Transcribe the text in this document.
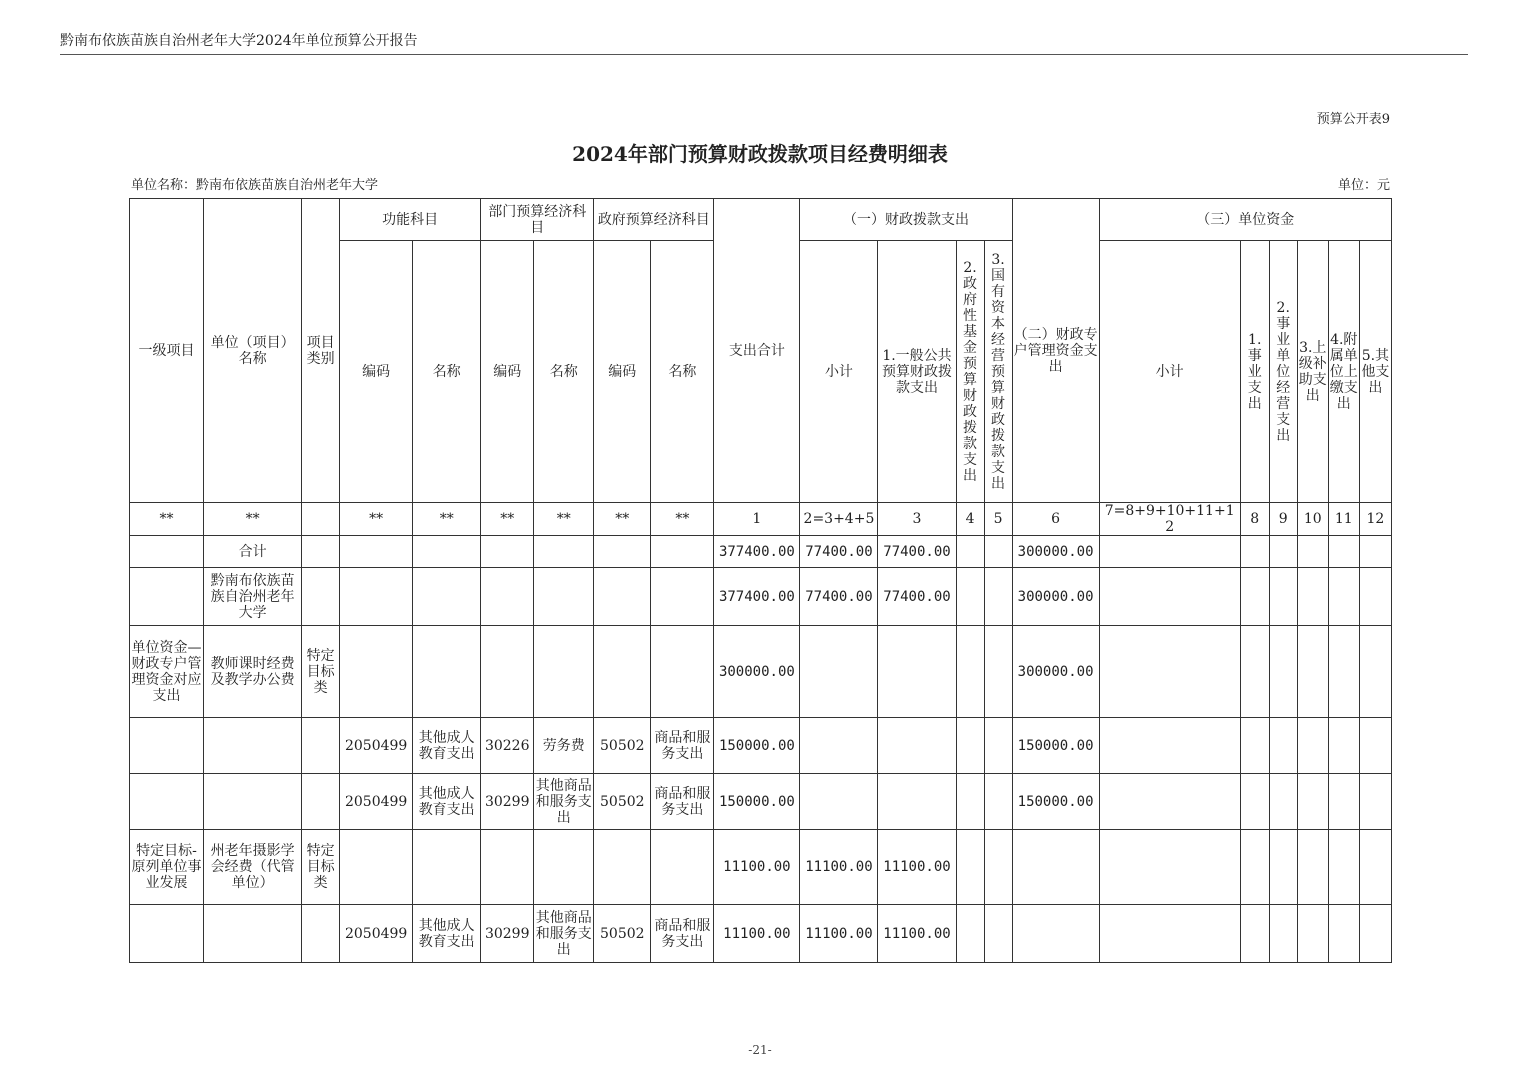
黔南布依族苗族自治州老年大学2024年单位预算公开报告
预算公开表9
2024年部门预算财政拨款项目经费明细表
单位名称：黔南布依族苗族自治州老年大学	单位：元
一级项目	单位（项目）名称	项目类别	功能科目		部门预算经济科目		政府预算经济科目		支出合计	（一）财政拨款支出				（二）财政专户管理资金支出	（三）单位资金					
			编码	名称	编码	名称	编码	名称		小计	1.一般公共预算财政拨款支出	2.政府性基金预算财政拨款支出	3.国有资本经营预算财政拨款支出		小计	1.事业支出	2.事业单位经营支出	3.上级补助支出	4.附属单位上缴支出	5.其他支出
**	**		**	**	**	**	**	**	1	2=3+4+5	3	4	5	6	7=8+9+10+11+12	8	9	10	11	12
	合计								377400.00	77400.00	77400.00			300000.00						
	黔南布依族苗族自治州老年大学								377400.00	77400.00	77400.00			300000.00						
单位资金—财政专户管理资金对应支出	教师课时经费及教学办公费	特定目标类							300000.00					300000.00						
			2050499	其他成人教育支出	30226	劳务费	50502	商品和服务支出	150000.00					150000.00						
			2050499	其他成人教育支出	30299	其他商品和服务支出	50502	商品和服务支出	150000.00					150000.00						
特定目标-原列单位事业发展	州老年摄影学会经费（代管单位）	特定目标类							11100.00	11100.00	11100.00									
			2050499	其他成人教育支出	30299	其他商品和服务支出	50502	商品和服务支出	11100.00	11100.00	11100.00									
-21-
